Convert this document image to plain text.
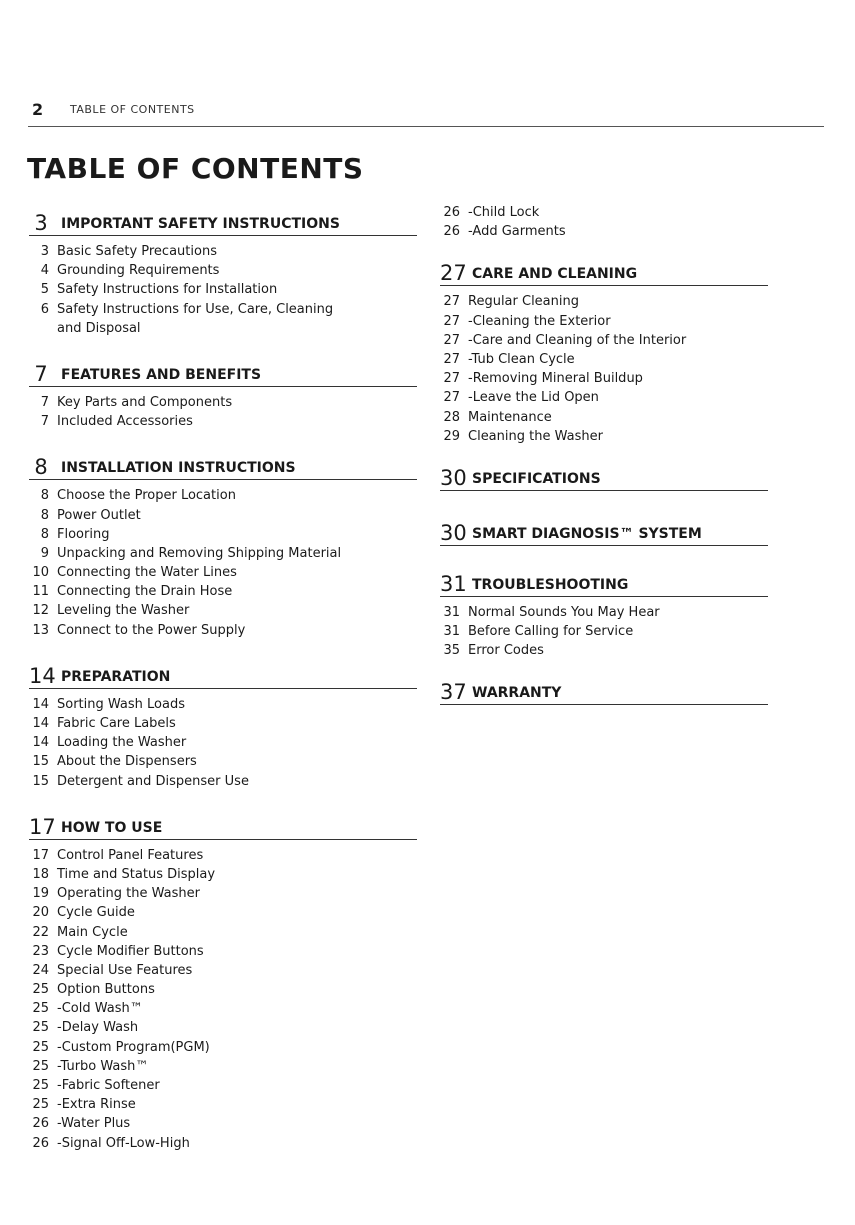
2 TABLE OF CONTENTS
TABLE OF CONTENTS
3 IMPORTANT SAFETY INSTRUCTIONS
3 Basic Safety Precautions
4 Grounding Requirements
5 Safety Instructions for Installation
6 Safety Instructions for Use, Care, Cleaning
and Disposal
7 FEATURES AND BENEFITS
7 Key Parts and Components
7 Included Accessories
8 INSTALLATION INSTRUCTIONS
8 Choose the Proper Location
8 Power Outlet
8 Flooring
9 Unpacking and Removing Shipping Material
10 Connecting the Water Lines
11 Connecting the Drain Hose
12 Leveling the Washer
13 Connect to the Power Supply
14 PREPARATION
14 Sorting Wash Loads
14 Fabric Care Labels
14 Loading the Washer
15 About the Dispensers
15 Detergent and Dispenser Use
17 HOW TO USE
17 Control Panel Features
18 Time and Status Display
19 Operating the Washer
20 Cycle Guide
22 Main Cycle
23 Cycle Modifier Buttons
24 Special Use Features
25 Option Buttons
25 -Cold Wash™
25 -Delay Wash
25 -Custom Program(PGM)
25 -Turbo Wash™
25 -Fabric Softener
25 -Extra Rinse
26 -Water Plus
26 -Signal Off-Low-High
26 -Child Lock
26 -Add Garments
27 CARE AND CLEANING
27 Regular Cleaning
27 -Cleaning the Exterior
27 -Care and Cleaning of the Interior
27 -Tub Clean Cycle
27 -Removing Mineral Buildup
27 -Leave the Lid Open
28 Maintenance
29 Cleaning the Washer
30 SPECIFICATIONS
30 SMART DIAGNOSIS™ SYSTEM
31 TROUBLESHOOTING
31 Normal Sounds You May Hear
31 Before Calling for Service
35 Error Codes
37 WARRANTY
